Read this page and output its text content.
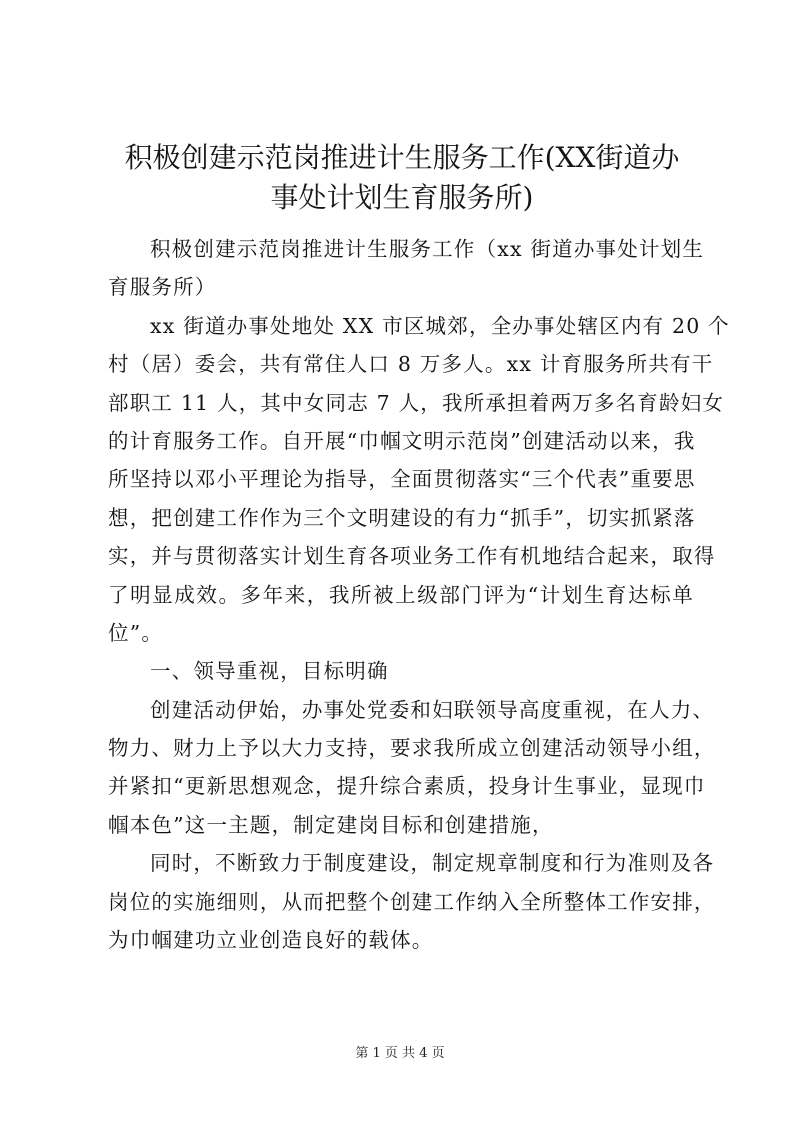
积极创建示范岗推进计生服务工作(XX街道办
事处计划生育服务所)
积极创建示范岗推进计生服务工作（xx 街道办事处计划生
育服务所）
xx 街道办事处地处 XX 市区城郊，全办事处辖区内有 20 个
村（居）委会，共有常住人口 8 万多人。xx 计育服务所共有干
部职工 11 人，其中女同志 7 人，我所承担着两万多名育龄妇女
的计育服务工作。自开展“巾帼文明示范岗”创建活动以来，我
所坚持以邓小平理论为指导，全面贯彻落实“三个代表”重要思
想，把创建工作作为三个文明建设的有力“抓手”，切实抓紧落
实，并与贯彻落实计划生育各项业务工作有机地结合起来，取得
了明显成效。多年来，我所被上级部门评为“计划生育达标单
位”。
一、领导重视，目标明确
创建活动伊始，办事处党委和妇联领导高度重视，在人力、
物力、财力上予以大力支持，要求我所成立创建活动领导小组，
并紧扣“更新思想观念，提升综合素质，投身计生事业，显现巾
帼本色”这一主题，制定建岗目标和创建措施，
同时，不断致力于制度建设，制定规章制度和行为准则及各
岗位的实施细则，从而把整个创建工作纳入全所整体工作安排，
为巾帼建功立业创造良好的载体。
第 1 页 共 4 页
